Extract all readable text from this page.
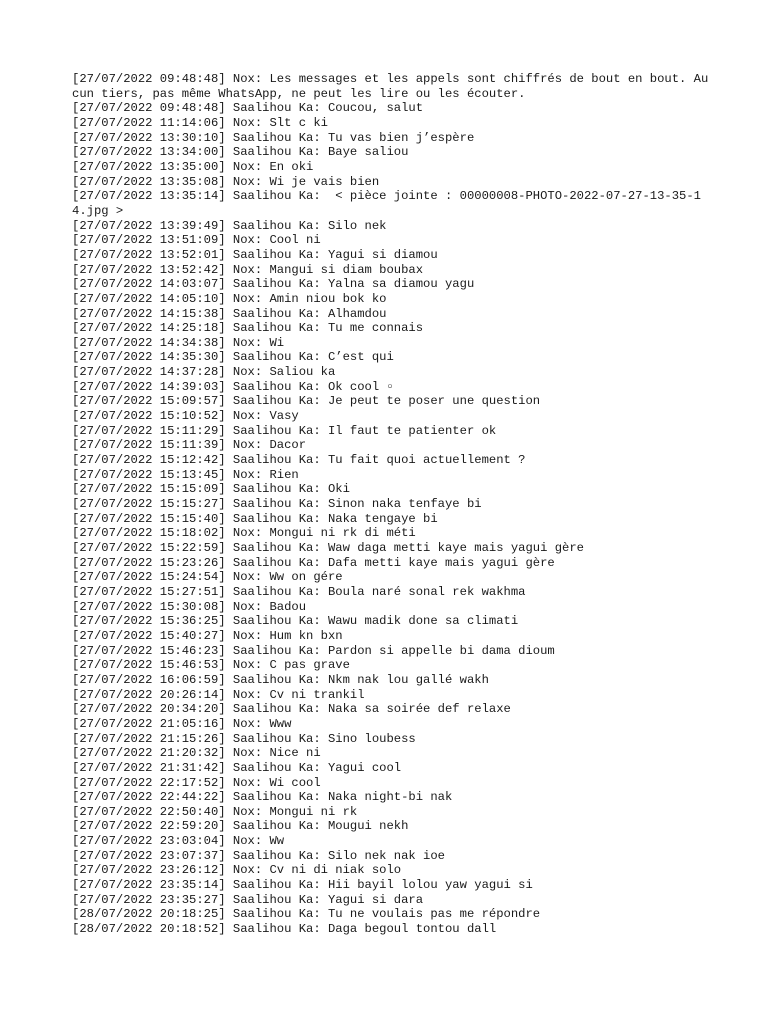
[27/07/2022 09:48:48] Nox: Les messages et les appels sont chiffrés de bout en bout. Aucun tiers, pas même WhatsApp, ne peut les lire ou les écouter.
[27/07/2022 09:48:48] Saalihou Ka: Coucou, salut
[27/07/2022 11:14:06] Nox: Slt c ki
[27/07/2022 13:30:10] Saalihou Ka: Tu vas bien j’espère
[27/07/2022 13:34:00] Saalihou Ka: Baye saliou
[27/07/2022 13:35:00] Nox: En oki
[27/07/2022 13:35:08] Nox: Wi je vais bien
[27/07/2022 13:35:14] Saalihou Ka:  < pièce jointe : 00000008-PHOTO-2022-07-27-13-35-14.jpg >
[27/07/2022 13:39:49] Saalihou Ka: Silo nek
[27/07/2022 13:51:09] Nox: Cool ni
[27/07/2022 13:52:01] Saalihou Ka: Yagui si diamou
[27/07/2022 13:52:42] Nox: Mangui si diam boubax
[27/07/2022 14:03:07] Saalihou Ka: Yalna sa diamou yagu
[27/07/2022 14:05:10] Nox: Amin niou bok ko
[27/07/2022 14:15:38] Saalihou Ka: Alhamdou
[27/07/2022 14:25:18] Saalihou Ka: Tu me connais
[27/07/2022 14:34:38] Nox: Wi
[27/07/2022 14:35:30] Saalihou Ka: C’est qui
[27/07/2022 14:37:28] Nox: Saliou ka
[27/07/2022 14:39:03] Saalihou Ka: Ok cool ▫
[27/07/2022 15:09:57] Saalihou Ka: Je peut te poser une question
[27/07/2022 15:10:52] Nox: Vasy
[27/07/2022 15:11:29] Saalihou Ka: Il faut te patienter ok
[27/07/2022 15:11:39] Nox: Dacor
[27/07/2022 15:12:42] Saalihou Ka: Tu fait quoi actuellement ?
[27/07/2022 15:13:45] Nox: Rien
[27/07/2022 15:15:09] Saalihou Ka: Oki
[27/07/2022 15:15:27] Saalihou Ka: Sinon naka tenfaye bi
[27/07/2022 15:15:40] Saalihou Ka: Naka tengaye bi
[27/07/2022 15:18:02] Nox: Mongui ni rk di méti
[27/07/2022 15:22:59] Saalihou Ka: Waw daga metti kaye mais yagui gère
[27/07/2022 15:23:26] Saalihou Ka: Dafa metti kaye mais yagui gère
[27/07/2022 15:24:54] Nox: Ww on gére
[27/07/2022 15:27:51] Saalihou Ka: Boula naré sonal rek wakhma
[27/07/2022 15:30:08] Nox: Badou
[27/07/2022 15:36:25] Saalihou Ka: Wawu madik done sa climati
[27/07/2022 15:40:27] Nox: Hum kn bxn
[27/07/2022 15:46:23] Saalihou Ka: Pardon si appelle bi dama dioum
[27/07/2022 15:46:53] Nox: C pas grave
[27/07/2022 16:06:59] Saalihou Ka: Nkm nak lou gallé wakh
[27/07/2022 20:26:14] Nox: Cv ni trankil
[27/07/2022 20:34:20] Saalihou Ka: Naka sa soirée def relaxe
[27/07/2022 21:05:16] Nox: Www
[27/07/2022 21:15:26] Saalihou Ka: Sino loubess
[27/07/2022 21:20:32] Nox: Nice ni
[27/07/2022 21:31:42] Saalihou Ka: Yagui cool
[27/07/2022 22:17:52] Nox: Wi cool
[27/07/2022 22:44:22] Saalihou Ka: Naka night-bi nak
[27/07/2022 22:50:40] Nox: Mongui ni rk
[27/07/2022 22:59:20] Saalihou Ka: Mougui nekh
[27/07/2022 23:03:04] Nox: Ww
[27/07/2022 23:07:37] Saalihou Ka: Silo nek nak ioe
[27/07/2022 23:26:12] Nox: Cv ni di niak solo
[27/07/2022 23:35:14] Saalihou Ka: Hii bayil lolou yaw yagui si
[27/07/2022 23:35:27] Saalihou Ka: Yagui si dara
[28/07/2022 20:18:25] Saalihou Ka: Tu ne voulais pas me répondre
[28/07/2022 20:18:52] Saalihou Ka: Daga begoul tontou dall
